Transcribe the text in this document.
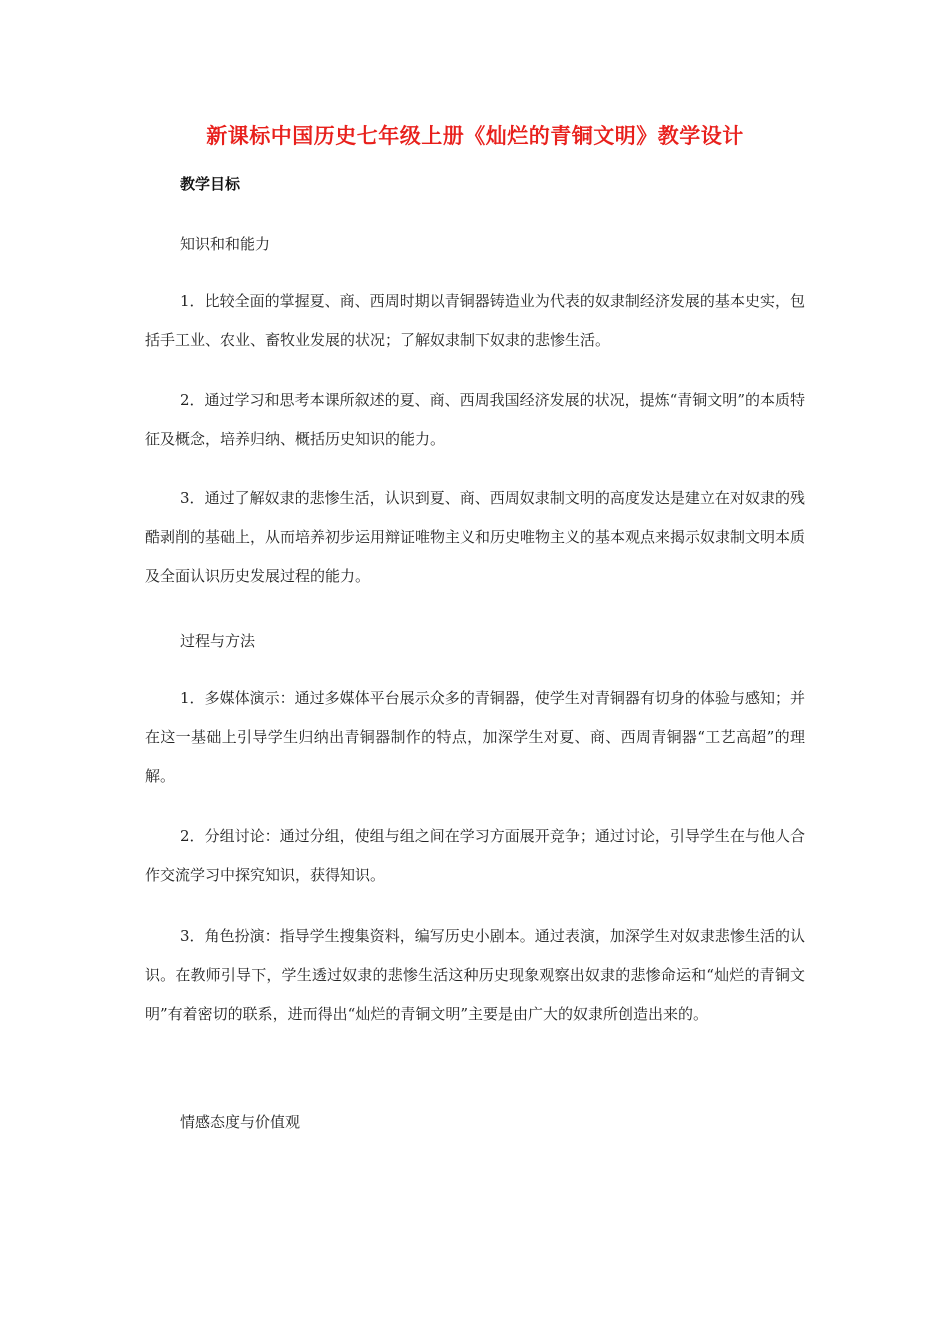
新课标中国历史七年级上册《灿烂的青铜文明》教学设计
教学目标
知识和和能力

1．比较全面的掌握夏、商、西周时期以青铜器铸造业为代表的奴隶制经济发展的基本史实，包括手工业、农业、畜牧业发展的状况；了解奴隶制下奴隶的悲惨生活。

2．通过学习和思考本课所叙述的夏、商、西周我国经济发展的状况，提炼“青铜文明”的本质特征及概念，培养归纳、概括历史知识的能力。

3．通过了解奴隶的悲惨生活，认识到夏、商、西周奴隶制文明的高度发达是建立在对奴隶的残酷剥削的基础上，从而培养初步运用辩证唯物主义和历史唯物主义的基本观点来揭示奴隶制文明本质及全面认识历史发展过程的能力。

过程与方法

1．多媒体演示：通过多媒体平台展示众多的青铜器，使学生对青铜器有切身的体验与感知；并在这一基础上引导学生归纳出青铜器制作的特点，加深学生对夏、商、西周青铜器“工艺高超”的理解。

2．分组讨论：通过分组，使组与组之间在学习方面展开竞争；通过讨论，引导学生在与他人合作交流学习中探究知识，获得知识。

3．角色扮演：指导学生搜集资料，编写历史小剧本。通过表演，加深学生对奴隶悲惨生活的认识。在教师引导下，学生透过奴隶的悲惨生活这种历史现象观察出奴隶的悲惨命运和“灿烂的青铜文明”有着密切的联系，进而得出“灿烂的青铜文明”主要是由广大的奴隶所创造出来的。

情感态度与价值观
